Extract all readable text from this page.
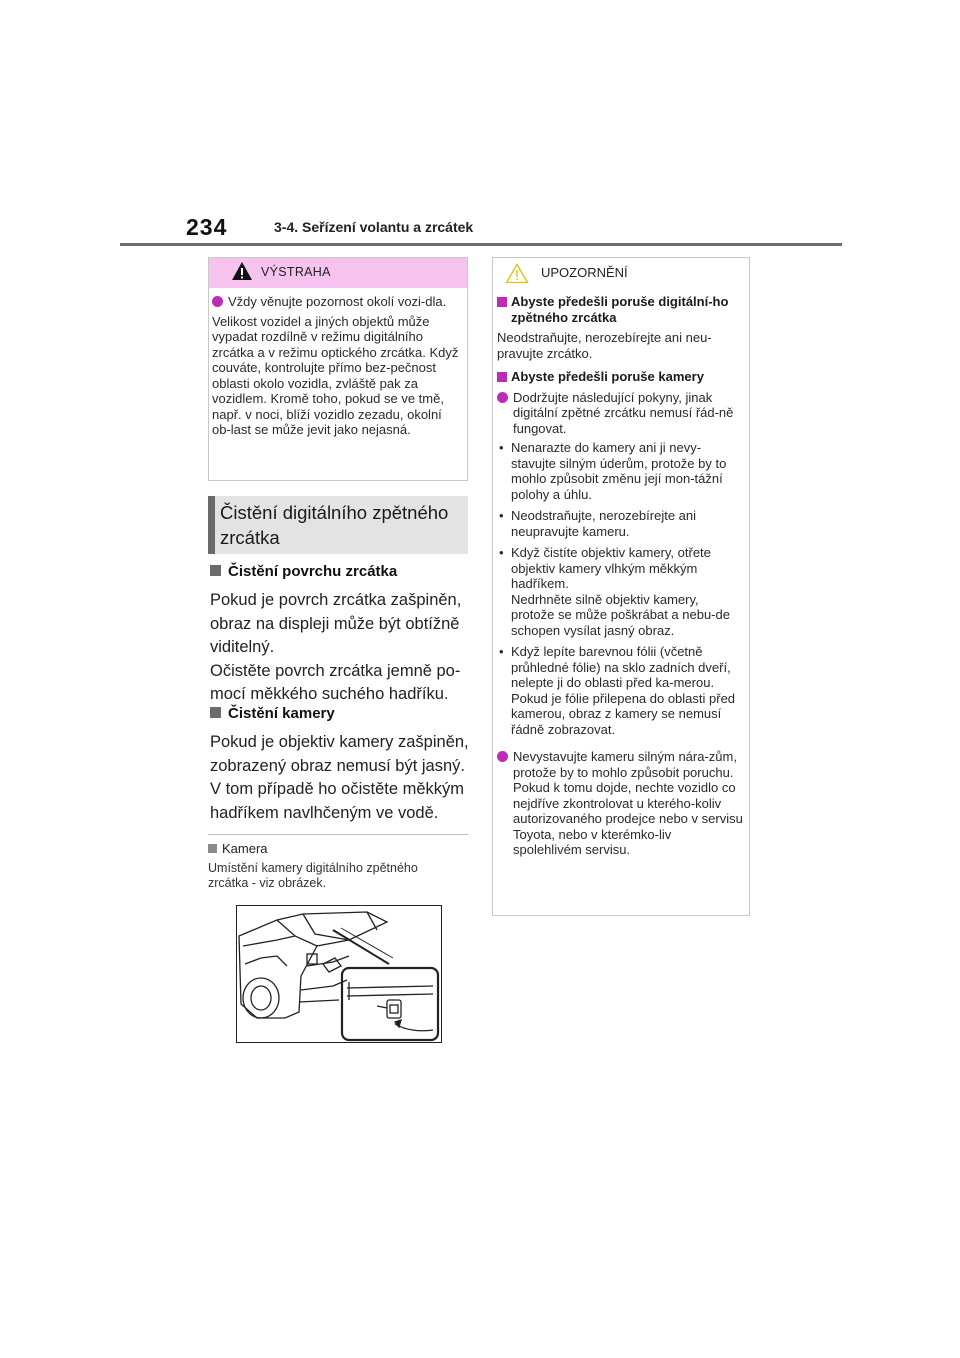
234	3-4. Seřízení volantu a zrcátek
VÝSTRAHA
Vždy věnujte pozornost okolí vozi-dla.

Velikost vozidel a jiných objektů může vypadat rozdílně v režimu digitálního zrcátka a v režimu optického zrcátka. Když couváte, kontrolujte přímo bez-pečnost oblasti okolo vozidla, zvláště pak za vozidlem. Kromě toho, pokud se ve tmě, např. v noci, blíží vozidlo zezadu, okolní ob-last se může jevit jako nejasná.

Čistění digitálního zpětného zrcátka
Čistění povrchu zrcátka
Pokud je povrch zrcátka zašpiněn, obraz na displeji může být obtížně viditelný.
Očistěte povrch zrcátka jemně po-mocí měkkého suchého hadříku.
Čistění kamery
Pokud je objektiv kamery zašpiněn, zobrazený obraz nemusí být jasný. V tom případě ho očistěte měkkým hadříkem navlhčeným ve vodě.
Kamera
Umístění kamery digitálního zpětného zrcátka - viz obrázek.
UPOZORNĚNÍ
Abyste předešli poruše digitální-ho zpětného zrcátka
Neodstraňujte, nerozebírejte ani neu-pravujte zrcátko.
Abyste předešli poruše kamery
Dodržujte následující pokyny, jinak digitální zpětné zrcátku nemusí řád-ně fungovat.
• Nenarazte do kamery ani ji nevy-stavujte silným úderům, protože by to mohlo způsobit změnu její mon-tážní polohy a úhlu.
• Neodstraňujte, nerozebírejte ani neupravujte kameru.
• Když čistíte objektiv kamery, otřete objektiv kamery vlhkým měkkým hadříkem.
Nedrhněte silně objektiv kamery, protože se může poškrábat a nebu-de schopen vysílat jasný obraz.
• Když lepíte barevnou fólii (včetně průhledné fólie) na sklo zadních dveří, nelepte ji do oblasti před ka-merou.
Pokud je fólie přilepena do oblasti před kamerou, obraz z kamery se nemusí řádně zobrazovat.
Nevystavujte kameru silným nára-zům, protože by to mohlo způsobit poruchu.
Pokud k tomu dojde, nechte vozidlo co nejdříve zkontrolovat u kterého-koliv autorizovaného prodejce nebo v servisu Toyota, nebo v kterémko-liv spolehlivém servisu.
